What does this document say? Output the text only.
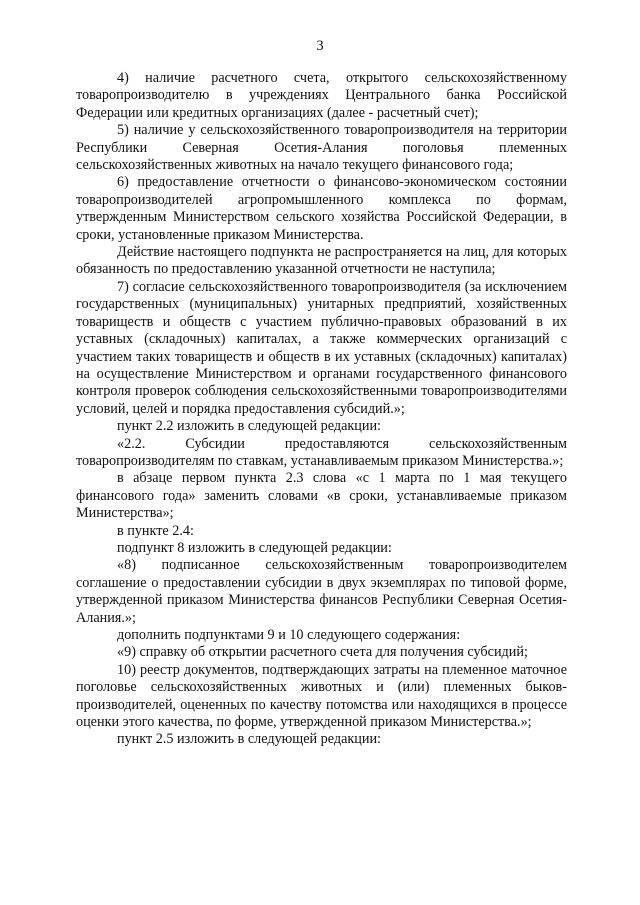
3

4) наличие расчетного счета, открытого сельскохозяйственному товаропроизводителю в учреждениях Центрального банка Российской Федерации или кредитных организациях (далее - расчетный счет);

5) наличие у сельскохозяйственного товаропроизводителя на территории Республики Северная Осетия-Алания поголовья племенных сельскохозяйственных животных на начало текущего финансового года;

6) предоставление отчетности о финансово-экономическом состоянии товаропроизводителей агропромышленного комплекса по формам, утвержденным Министерством сельского хозяйства Российской Федерации, в сроки, установленные приказом Министерства.

Действие настоящего подпункта не распространяется на лиц, для которых обязанность по предоставлению указанной отчетности не наступила;

7) согласие сельскохозяйственного товаропроизводителя (за исключением государственных (муниципальных) унитарных предприятий, хозяйственных товариществ и обществ с участием публично-правовых образований в их уставных (складочных) капиталах, а также коммерческих организаций с участием таких товариществ и обществ в их уставных (складочных) капиталах) на осуществление Министерством и органами государственного финансового контроля проверок соблюдения сельскохозяйственными товаропроизводителями условий, целей и порядка предоставления субсидий.»;

пункт 2.2 изложить в следующей редакции:

«2.2. Субсидии предоставляются сельскохозяйственным товаропроизводителям по ставкам, устанавливаемым приказом Министерства.»;

в абзаце первом пункта 2.3 слова «с 1 марта по 1 мая текущего финансового года» заменить словами «в сроки, устанавливаемые приказом Министерства»;

в пункте 2.4:

подпункт 8 изложить в следующей редакции:

«8) подписанное сельскохозяйственным товаропроизводителем соглашение о предоставлении субсидии в двух экземплярах по типовой форме, утвержденной приказом Министерства финансов Республики Северная Осетия-Алания.»;

дополнить подпунктами 9 и 10 следующего содержания:

«9) справку об открытии расчетного счета для получения субсидий;

10) реестр документов, подтверждающих затраты на племенное маточное поголовье сельскохозяйственных животных и (или) племенных быков-производителей, оцененных по качеству потомства или находящихся в процессе оценки этого качества, по форме, утвержденной приказом Министерства.»;

пункт 2.5 изложить в следующей редакции:
